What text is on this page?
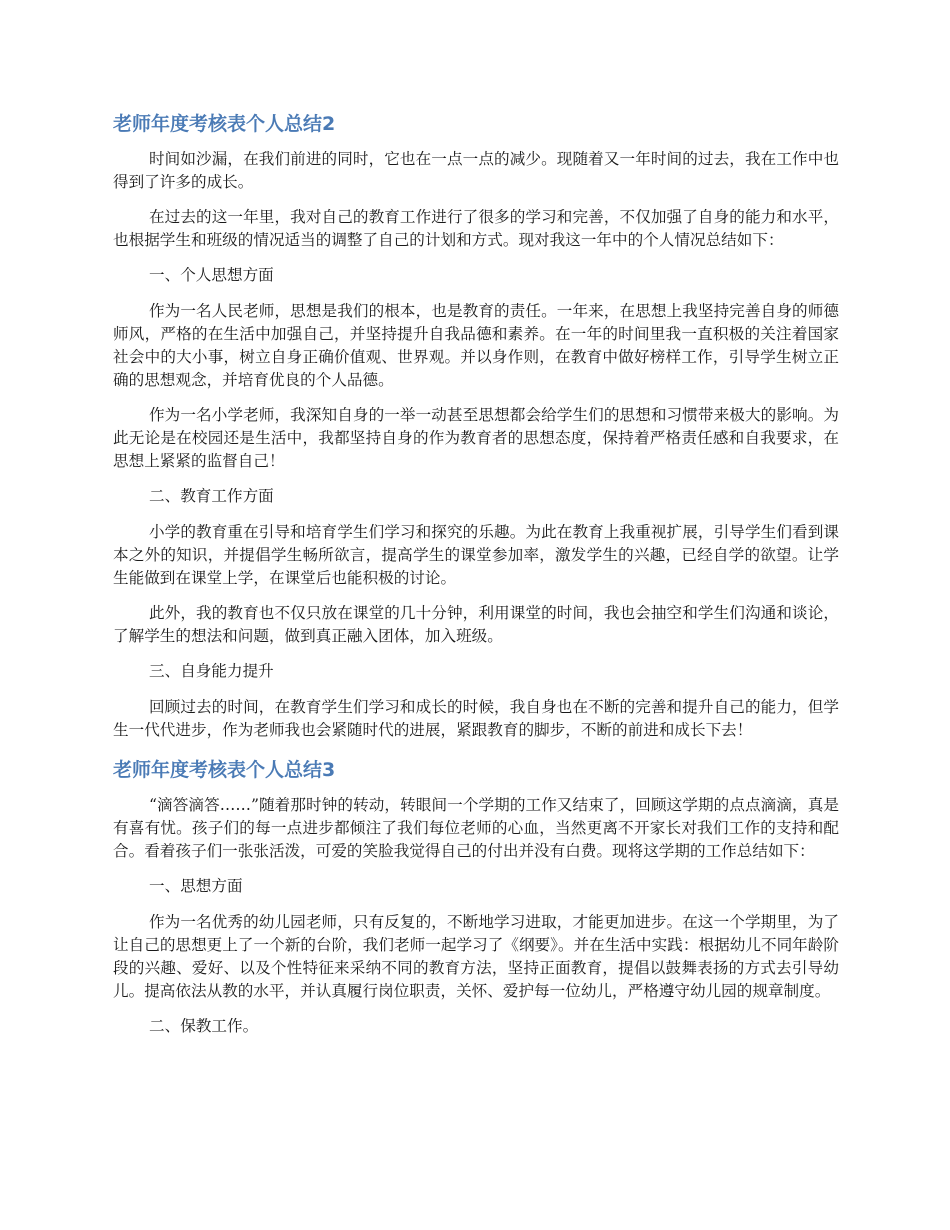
老师年度考核表个人总结2

时间如沙漏，在我们前进的同时，它也在一点一点的减少。现随着又一年时间的过去，我在工作中也得到了许多的成长。

在过去的这一年里，我对自己的教育工作进行了很多的学习和完善，不仅加强了自身的能力和水平，也根据学生和班级的情况适当的调整了自己的计划和方式。现对我这一年中的个人情况总结如下：

一、个人思想方面

作为一名人民老师，思想是我们的根本，也是教育的责任。一年来，在思想上我坚持完善自身的师德师风，严格的在生活中加强自己，并坚持提升自我品德和素养。在一年的时间里我一直积极的关注着国家社会中的大小事，树立自身正确价值观、世界观。并以身作则，在教育中做好榜样工作，引导学生树立正确的思想观念，并培育优良的个人品德。

作为一名小学老师，我深知自身的一举一动甚至思想都会给学生们的思想和习惯带来极大的影响。为此无论是在校园还是生活中，我都坚持自身的作为教育者的思想态度，保持着严格责任感和自我要求，在思想上紧紧的监督自己！

二、教育工作方面

小学的教育重在引导和培育学生们学习和探究的乐趣。为此在教育上我重视扩展，引导学生们看到课本之外的知识，并提倡学生畅所欲言，提高学生的课堂参加率，激发学生的兴趣，已经自学的欲望。让学生能做到在课堂上学，在课堂后也能积极的讨论。

此外，我的教育也不仅只放在课堂的几十分钟，利用课堂的时间，我也会抽空和学生们沟通和谈论，了解学生的想法和问题，做到真正融入团体，加入班级。

三、自身能力提升

回顾过去的时间，在教育学生们学习和成长的时候，我自身也在不断的完善和提升自己的能力，但学生一代代进步，作为老师我也会紧随时代的进展，紧跟教育的脚步，不断的前进和成长下去！

老师年度考核表个人总结3

“滴答滴答……”随着那时钟的转动，转眼间一个学期的工作又结束了，回顾这学期的点点滴滴，真是有喜有忧。孩子们的每一点进步都倾注了我们每位老师的心血，当然更离不开家长对我们工作的支持和配合。看着孩子们一张张活泼，可爱的笑脸我觉得自己的付出并没有白费。现将这学期的工作总结如下：

一、思想方面

作为一名优秀的幼儿园老师，只有反复的，不断地学习进取，才能更加进步。在这一个学期里，为了让自己的思想更上了一个新的台阶，我们老师一起学习了《纲要》。并在生活中实践：根据幼儿不同年龄阶段的兴趣、爱好、以及个性特征来采纳不同的教育方法，坚持正面教育，提倡以鼓舞表扬的方式去引导幼儿。提高依法从教的水平，并认真履行岗位职责，关怀、爱护每一位幼儿，严格遵守幼儿园的规章制度。

二、保教工作。
